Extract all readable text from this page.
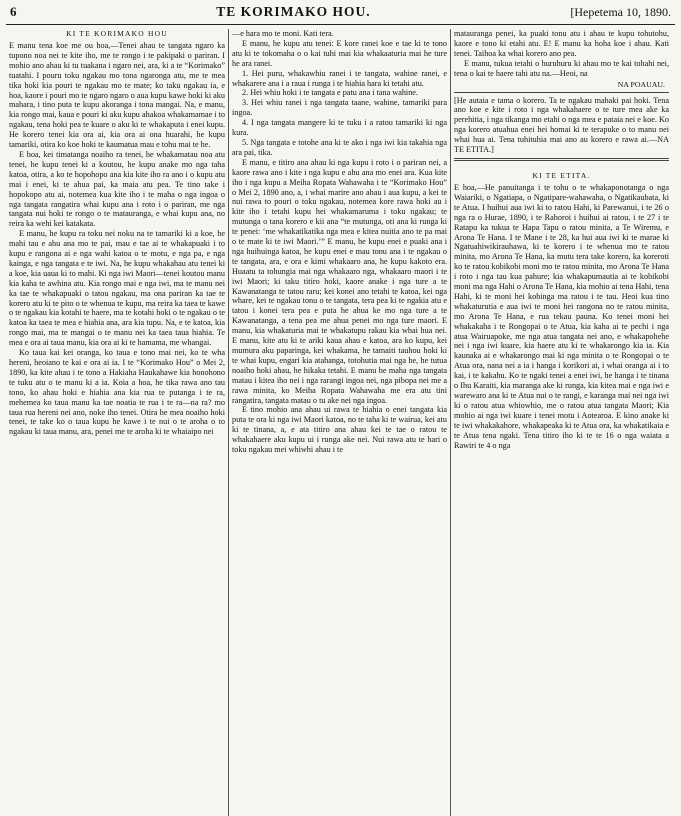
6	TE KORIMAKO HOU.	[Hepetema 10, 1890.
KI TE KORIMAKO HOU

E manu tena koe me ou hoa,—Tenei ahau te tangata ngaro ka tupono noa nei te kite iho, me te rongo i te pakipaki o pariran. I mohio ano ahau ki tu tuakana i ngaro nei, ara, ki a te “Korimako” tuatahi. I pouru toku ngakau mo tona ngaronga atu, me te mea tika hoki kia pouri te ngakau mo te mate; ko taku ngakau ia, e hoa, kaore i pouri mo te ngaro ngaro o aua kupu kawe hoki ki aku mahara, i tino puta te kupu akoranga i tona mangai. Na, e manu, kia rongo mai, kaua e pouri ki aku kupu ahakoa whakamamae i to ngakau, tena hoki pea te kuare o aku ki te whakaputa i enei kupu. He korero tenei kia ora ai, kia ora ai ona huarahi, he kupu tamariki, otira ko koe hoki te kaumatua mau e tohu mai te he.

E hoa, kei timatanga noaiho ra tenei, he whakamatau noa atu tenei, he kupu tenei ki a koutou, he kupu anake mo nga taha katoa, otira, a ko te hopohopo ana kia kite iho ra ano i o kupu atu mai i enei, ki te ahua pai, ka maia atu pea. Te tino take i hopokopo atu ai, notemea kua kite iho i te maha o nga ingoa o nga tangata rangatira whai kupu ana i roto i o pariran, me nga tangata nui hoki te rongo o te matauranga, e whai kupu ana, no reira ka wehi kei katakata.

E manu, he kupu ra toku nei noku na te tamariki ki a koe, he mahi tau e ahu ana mo te pai, mau e tae ai te whakapuaki i to kupu e rangona ai e nga wahi katoa o te motu, e nga pa, e nga kainga, e nga tangata e te iwi. Na, he kupu whakahau atu tenei ki a koe, kia uaua ki to mahi. Ki nga iwi Maori—tenei koutou manu kia kaha te awhina atu. Kia rongo mai e nga iwi, ma te manu nei ka tae te whakapuaki o tatou ngakau, ma ona pariran ka tae te korero atu ki te pito o te whenua te kupu, ma reira ka taea te kawe o te ngakau kia kotahi te haere, ma te kotahi hoki o te ngakau o te katoa ka taea te mea e hiahia ana, ara kia tupu. Na, e te katoa, kia rongo mai, ma te mangai o te manu nei ka taea taua hiahia. Te mea e ora ai taua manu, kia ora ai ki te hamama, me whangai.

Ko taua kai kei oranga, ko taua e tono mai nei, ko te wha hereni, heoiano te kai e ora ai ia. I te “Korimako Hou” o Mei 2, 1890, ka kite ahau i te tono a Hakiaha Haukahawe kia honohono te tuku atu o te manu ki a ia. Koia a hoa, he tika rawa ano tau tono, ko ahau hoki e hiahia ana kia rua te putanga i te ra, mehemea ko taua manu ka tae noatia te rua i te ra—na ra? mo taua rua hereni nei ano, noke iho tenei. Otira he mea noaiho hoki tenei, te take ko o taua kupu he kawe i te nui o te aroha o to ngakau ki taua manu, ara, penei me te aroha ki te whaiaipo nei

—e hara mo te moni. Kati tera.

E manu, he kupu atu tenei: E kore ranei koe e tae ki te tono atu ki te tokomaha o o kai tuhi mai kia whakaaturia mai he ture he ara ranei.

1. Hei puru, whakawhiu ranei i te tangata, wahine ranei, e whakarere ana i a raua i runga i te hiahia hara ki tetahi atu.

2. Hei whiu hoki i te tangata e patu ana i tana wahine.

3. Hei whiu ranei i nga tangata taane, wahine, tamariki para ingoa.

4. I nga tangata mangere ki te tuku i a ratou tamariki ki nga kura.

5. Nga tangata e totohe ana ki te ako i nga iwi kia takahia nga ara pai, tika.

E manu, e titiro ana ahau ki nga kupu i roto i o pariran nei, a kaore rawa ano i kite i nga kupu e ahu ana mo enei ara. Kua kite iho i nga kupu a Meiha Ropata Wahawaha i te “Korimako Hou” o Mei 2, 1890 ano, a, i whai marire ano ahau i aua kupu, a kei te nui rawa to pouri o toku ngakau, notemea kore rawa hoki au i kite iho i tetahi kupu hei whakamaruma i toku ngakau; te mutunga o tana korero e kii ana “te mutunga, oti ana ki runga ki te penei: ‘me whakatikatika nga mea e kitea nuitia ano te pa mai o te mate ki te iwi Maori.’” E manu, he kupu enei e puaki ana i nga huihuinga katoa, he kupu enei e mau tonu ana i te ngakau o te tangata, ara, e ora e kimi whakaaro ana, he kupu kakoto era. Huaatu ta tohungia mai nga whakaaro nga, whakaaro maori i te iwi Maori; ki taku titiro hoki, kaore anake i nga ture a te Kawanatanga te tatou raru; kei konei ano tetahi te katoa, kei nga whare, kei te ngakau tonu o te tangata, tera pea ki te ngakia atu e tatou i konei tera pea e puta he ahua ke mo nga ture a te Kawanatanga, a tena pea me ahua penei mo nga ture maori. E manu, kia whakaturia mai te whakatupu rakau kia whai hua nei. E manu, kite atu ki te ariki kaua ahau e katoa, ara ko kupu, kei mumura aku paparinga, kei whakama, he tamaiti tauhou hoki ki te whai kupu, engari kia atahanga, totohutia mai nga he, he tutua noaiho hoki ahau, he hikaka tetahi. E manu he maha nga tangata matau i kitea iho nei i nga rarangi ingoa nei, nga pibopa nei me a rawa minita, ko Meiha Ropata Wahawaha me era atu tini rangatira, tangata matau o tu ake nei nga ingoa.

E tino mohio ana ahau ui rawa te hiahia o enei tangata kia puta te ora ki nga iwi Maori katoa, no te taha ki te wairua, kei atu ki te tinana, a, e ata titiro ana ahau kei te tae o ratou te whakahaere aku kupu ui i runga ake nei. Nui rawa atu te hari o toku ngakau mei whiwhi ahau i te

matauranga penei, ka puaki tonu atu i ahau te kupu tohutohu, kaore e tono ki etahi atu. E! E manu ka hoha koe i ahau. Kati tenei. Taihoa ka whai korero ano pea.

E manu, tukua tetahi o huruhuru ki ahau mo te kai tohahi nei, tena o kai te haere tahi atu na.—Heoi, na

NA POAUAU.

[He autaia e tama o korero. Ta te ngakau mahaki pai hoki. Tena ano koe e kite i roto i nga whakahaere o te ture mea ake ka perehitia, i nga tikanga mo etahi o nga mea e pataia nei e koe. Ko nga korero atuahua enei hei homai ki te terapuke o to manu nei whai hua ai. Tena tuhituhia mai ano au korero e rawa ai.—NA TE ETITA.]

KI TE ETITA.

E hoa,—He panuitanga i te tohu o te whakaponotanga o nga Waiariki, o Ngatiapa, o Ngatipare-wahawaha, o Ngatikaubata, ki te Atua. I huihui aua iwi ki to ratou Hahi, ki Parewanui, i te 26 o nga ra o Hurae, 1890, i te Rahoroi i huihui ai ratou, i te 27 i te Ratapu ka tukua te Hapa Tapu o ratou minita, a Te Wiremu, e Arona Te Hana. I te Mane i te 28, ka hui aua iwi ki te marae ki Ngatuahiwikirauhawa, ki te korero i te whenua mo te ratou minita, mo Arona Te Hana, ka mutu tera take korero, ka koreroti ko te ratou kobikobi moni mo te ratou minita, mo Arona Te Hana i roto i nga tau kua pahure; kia whakapumautia ai te kobikobi moni ma nga Hahi o Arona Te Hana, kia mohio ai tena Hahi, tena Hahi, ki te moni hei kobinga ma ratou i te tau. Heoi kua tino whakaturutia e aua iwi te moni hei rangona no te ratou minita, mo Arona Te Hana, e rua tekau pauna. Ko tenei moni hei whakakaha i te Rongopai o te Atua, kia kaha ai te pechi i nga atua Wairuapoke, me nga atua tangata nei ano, e whakapohehe nei i nga iwi kuare, kia haere atu ki te whakarongo kia ia. Kia kaunaka ai e whakarongo mai ki nga minita o te Rongopai o te Atua ora, nana nei a ia i hanga i korikori ai, i whai oranga ai i to kai, i te kakahu. Ko te ngaki tenei a enei iwi, he hanga i te tinana o Ihu Karaiti, kia maranga ake ki runga, kia kitea mai e nga iwi e warewaro ana ki te Atua nui o te rangi, e karanga mai nei nga iwi ki o ratou atua whiowhio, me o ratou atua tangata Maori; Kia mohio ai nga iwi kuare i tenei motu i Aotearoa. E kino anake ki te iwi whakakahore, whakapeaka ki te Atua ora, ka whakatikaia e te Atua tena ngaki. Tena titiro iho ki te te 16 o nga waiata a Rawiri te 4 o nga
